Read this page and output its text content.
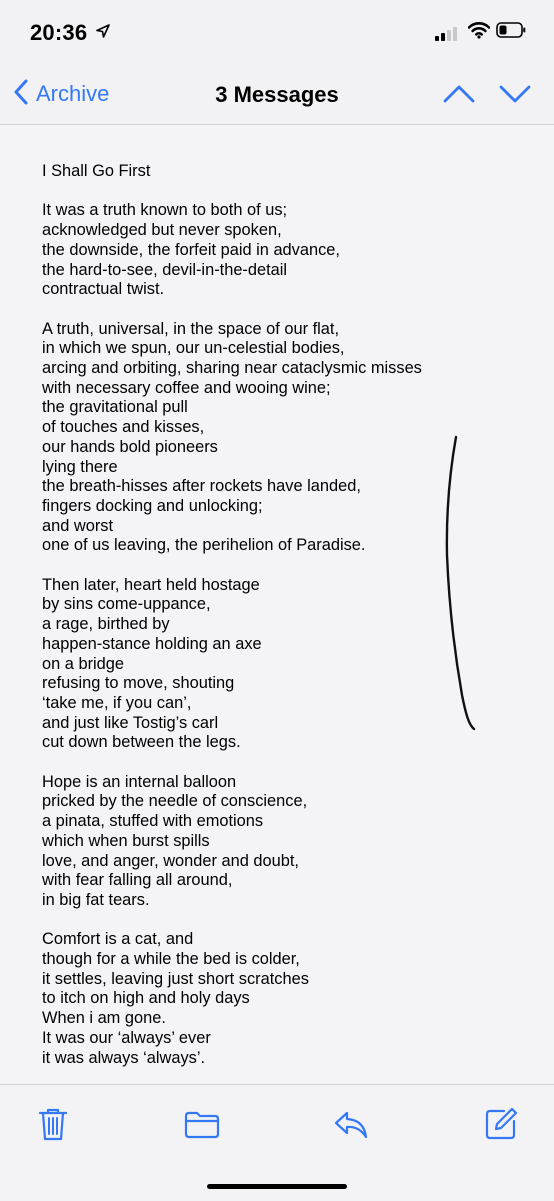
20:36
Archive	3 Messages
I Shall Go First
It was a truth known to both of us;
acknowledged but never spoken,
the downside, the forfeit paid in advance,
the hard-to-see, devil-in-the-detail
contractual twist.
A truth, universal, in the space of our flat,
in which we spun, our un-celestial bodies,
arcing and orbiting, sharing near cataclysmic misses
with necessary coffee and wooing wine;
the gravitational pull
of touches and kisses,
our hands bold pioneers
lying there
the breath-hisses after rockets have landed,
fingers docking and unlocking;
and worst
one of us leaving, the perihelion of Paradise.
Then later, heart held hostage
by sins come-uppance,
a rage, birthed by
happen-stance holding an axe
on a bridge
refusing to move, shouting
‘take me, if you can’,
and just like Tostig’s carl
cut down between the legs.
Hope is an internal balloon
pricked by the needle of conscience,
a pinata, stuffed with emotions
which when burst spills
love, and anger, wonder and doubt,
with fear falling all around,
in big fat tears.
Comfort is a cat, and
though for a while the bed is colder,
it settles, leaving just short scratches
to itch on high and holy days
When i am gone.
It was our ‘always’ ever
it was always ‘always’.
